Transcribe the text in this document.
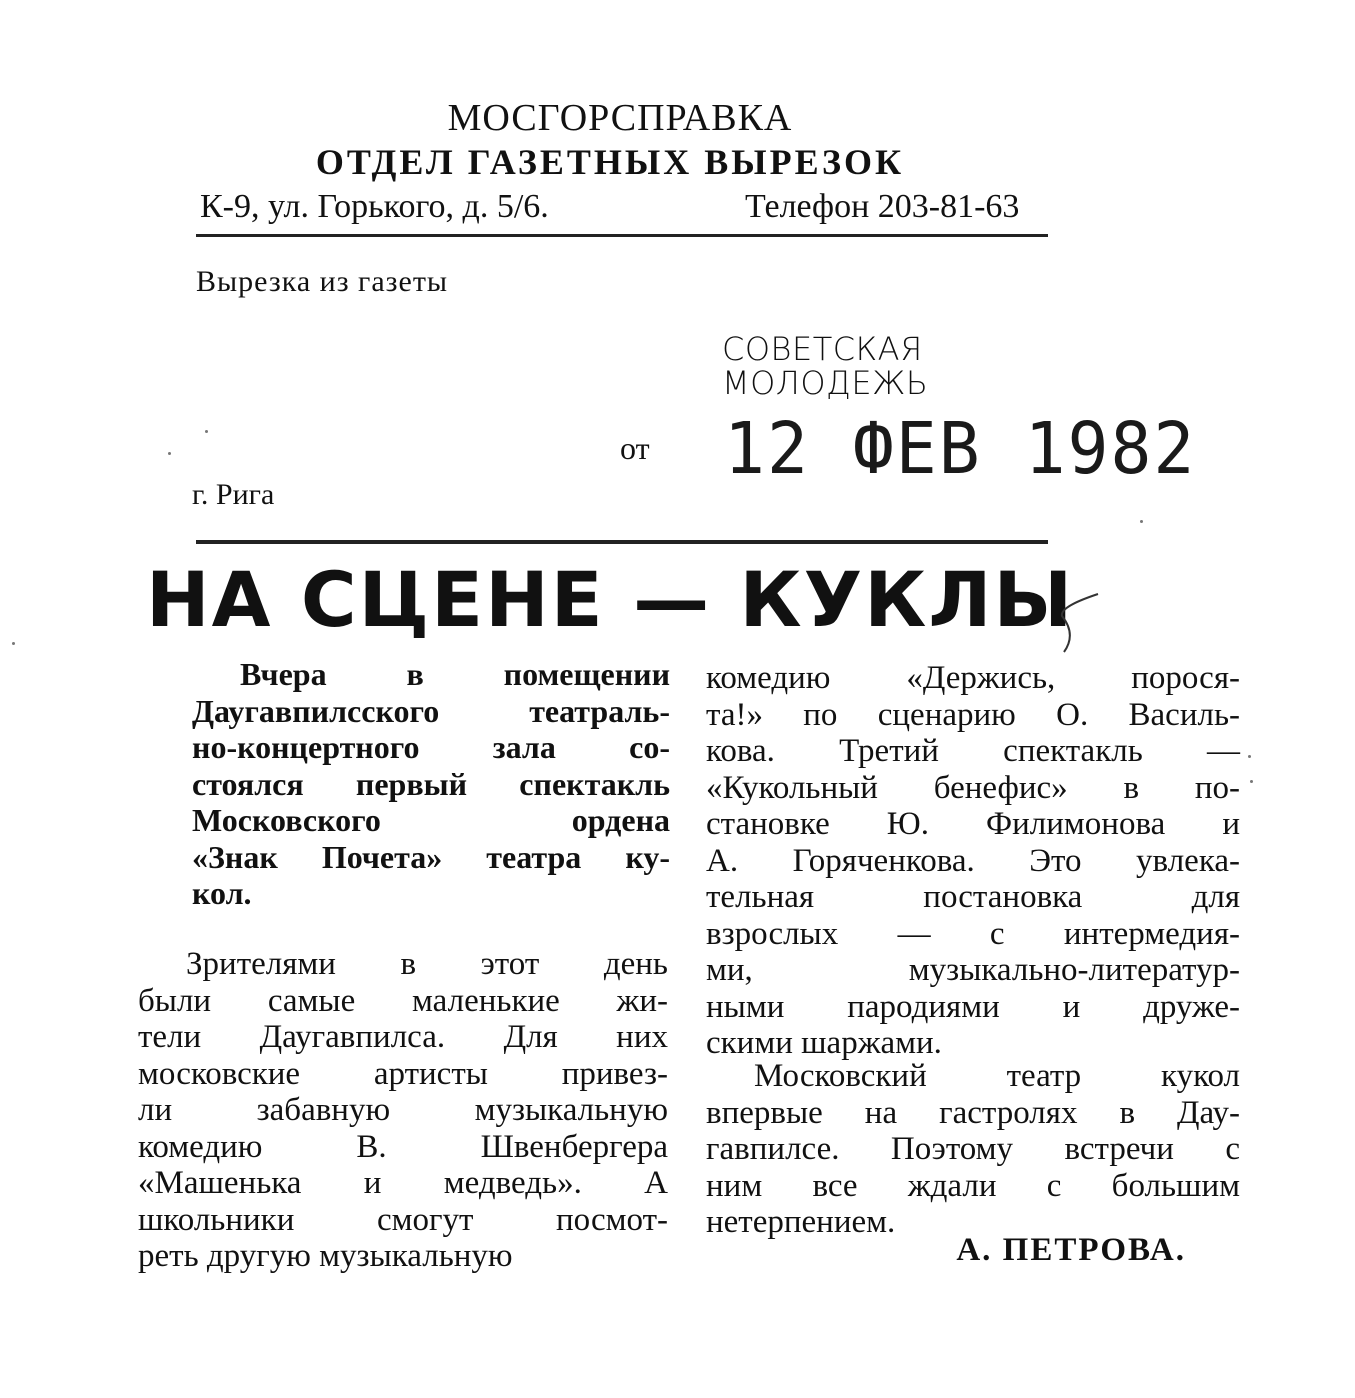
МОСГОРСПРАВКА
ОТДЕЛ ГАЗЕТНЫХ ВЫРЕЗОК
К-9, ул. Горького, д. 5/6.	Телефон 203-81-63
Вырезка из газеты
СОВЕТСКАЯ
МОЛОДЕЖЬ
от 12 ФЕВ 1982
г. Рига
НА СЦЕНЕ — КУКЛЫ
Вчера в помещении
Даугавпилсского театраль-
но-концертного зала со-
стоялся первый спектакль
Московского ордена
«Знак Почета» театра ку-
кол.
Зрителями в этот день
были самые маленькие жи-
тели Даугавпилса. Для них
московские артисты привез-
ли забавную музыкальную
комедию В. Швенбергера
«Машенька и медведь». А
школьники смогут посмот-
реть другую музыкальную
комедию «Держись, порося-
та!» по сценарию О. Василь-
кова. Третий спектакль —
«Кукольный бенефис» в по-
становке Ю. Филимонова и
А. Горяченкова. Это увлека-
тельная постановка для
взрослых — с интермедия-
ми, музыкально-литератур-
ными пародиями и друже-
скими шаржами.
Московский театр кукол
впервые на гастролях в Дау-
гавпилсе. Поэтому встречи с
ним все ждали с большим
нетерпением.
А. ПЕТРОВА.
